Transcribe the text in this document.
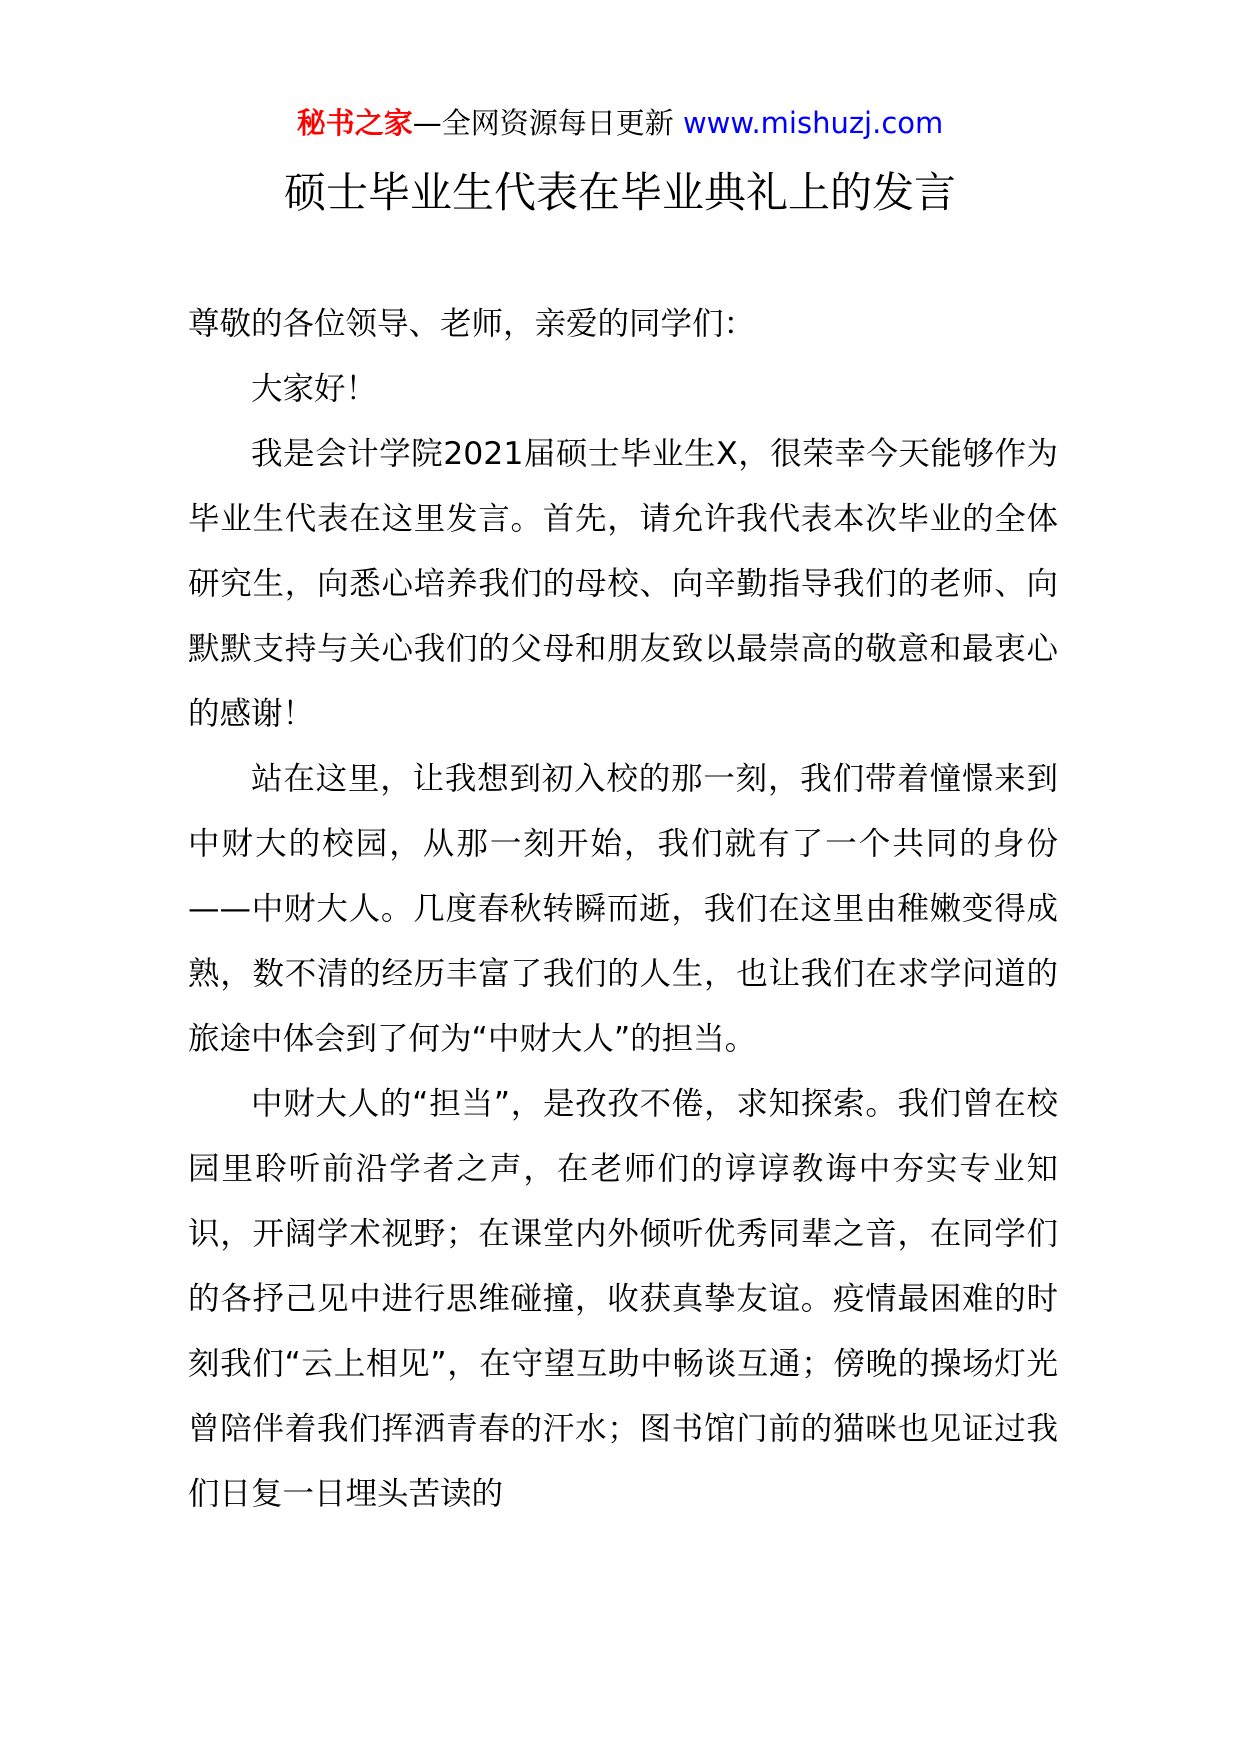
秘书之家—全网资源每日更新 www.mishuzj.com
硕士毕业生代表在毕业典礼上的发言

尊敬的各位领导、老师，亲爱的同学们：

大家好！

我是会计学院2021届硕士毕业生X，很荣幸今天能够作为毕业生代表在这里发言。首先，请允许我代表本次毕业的全体研究生，向悉心培养我们的母校、向辛勤指导我们的老师、向默默支持与关心我们的父母和朋友致以最崇高的敬意和最衷心的感谢！

站在这里，让我想到初入校的那一刻，我们带着憧憬来到中财大的校园，从那一刻开始，我们就有了一个共同的身份——中财大人。几度春秋转瞬而逝，我们在这里由稚嫩变得成熟，数不清的经历丰富了我们的人生，也让我们在求学问道的旅途中体会到了何为“中财大人”的担当。

中财大人的“担当”，是孜孜不倦，求知探索。我们曾在校园里聆听前沿学者之声，在老师们的谆谆教诲中夯实专业知识，开阔学术视野；在课堂内外倾听优秀同辈之音，在同学们的各抒己见中进行思维碰撞，收获真挚友谊。疫情最困难的时刻我们“云上相见”，在守望互助中畅谈互通；傍晚的操场灯光曾陪伴着我们挥洒青春的汗水；图书馆门前的猫咪也见证过我们日复一日埋头苦读的
